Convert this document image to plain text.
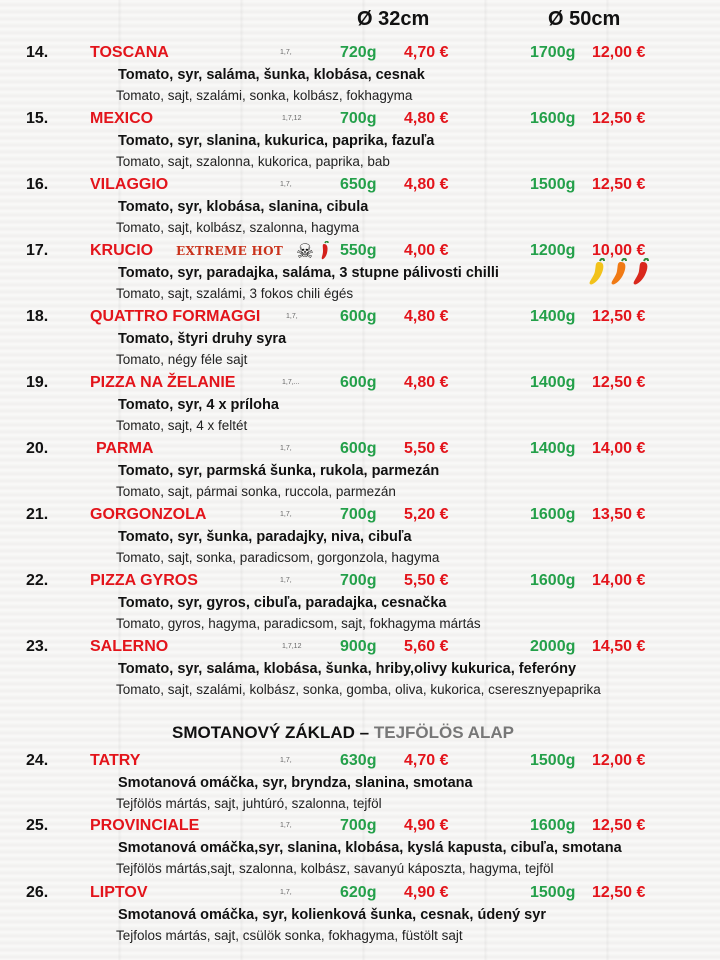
Ø 32cm	Ø 50cm
14.	TOSCANA	1,7,	720g 4,70 €	1700g 12,00 €
Tomato, syr, saláma, šunka, klobása, cesnak
Tomato, sajt, szalámi, sonka, kolbász, fokhagyma
15.	MEXICO	1,7,12 700g 4,80 €	1600g 12,50 €
Tomato, syr, slanina, kukurica, paprika, fazuľa
Tomato, sajt, szalonna, kukorica, paprika, bab
16.	VILAGGIO	1,7,	650g 4,80 €	1500g 12,50 €
Tomato, syr, klobása, slanina, cibula
Tomato, sajt, kolbász, szalonna, hagyma
17.	KRUCIO EXTREME HOT ☠ 550g 4,00 €	1200g 10,00 €
Tomato, syr, paradajka, saláma, 3 stupne pálivosti chilli
Tomato, sajt, szalámi, 3 fokos chili égés
18.	QUATTRO FORMAGGI	1,7,	600g 4,80 €	1400g 12,50 €
Tomato, štyri druhy syra
Tomato, négy féle sajt
19.	PIZZA NA ŽELANIE	1,7,...	600g 4,80 €	1400g 12,50 €
Tomato, syr, 4 x príloha
Tomato, sajt, 4 x feltét
20.	PARMA	1,7,	600g 5,50 €	1400g 14,00 €
Tomato, syr, parmská šunka, rukola, parmezán
Tomato, sajt, pármai sonka, ruccola, parmezán
21.	GORGONZOLA	1,7,	700g 5,20 €	1600g 13,50 €
Tomato, syr, šunka, paradajky, niva, cibuľa
Tomato, sajt, sonka, paradicsom, gorgonzola, hagyma
22.	PIZZA GYROS	1,7,	700g 5,50 €	1600g 14,00 €
Tomato, syr, gyros, cibuľa, paradajka, cesnačka
Tomato, gyros, hagyma, paradicsom, sajt, fokhagyma mártás
23.	SALERNO	1,7,12 900g 5,60 €	2000g 14,50 €
Tomato, syr, saláma, klobása, šunka, hriby,olivy kukurica, feferóny
Tomato, sajt, szalámi, kolbász, sonka, gomba, oliva, kukorica, cseresznyepaprika
SMOTANOVÝ ZÁKLAD – TEJFÖLÖS ALAP
24.	TATRY	1,7,	630g 4,70 €	1500g 12,00 €
Smotanová omáčka, syr, bryndza, slanina, smotana
Tejfölös mártás, sajt, juhtúró, szalonna, tejföl
25.	PROVINCIALE	1,7,	700g 4,90 €	1600g 12,50 €
Smotanová omáčka,syr, slanina, klobása, kyslá kapusta, cibuľa, smotana
Tejfölös mártás,sajt, szalonna, kolbász, savanyú káposzta, hagyma, tejföl
26.	LIPTOV	1,7,	620g 4,90 €	1500g 12,50 €
Smotanová omáčka, syr, kolienková šunka, cesnak, údený syr
Tejfolos mártás, sajt, csülök sonka, fokhagyma, füstölt sajt
